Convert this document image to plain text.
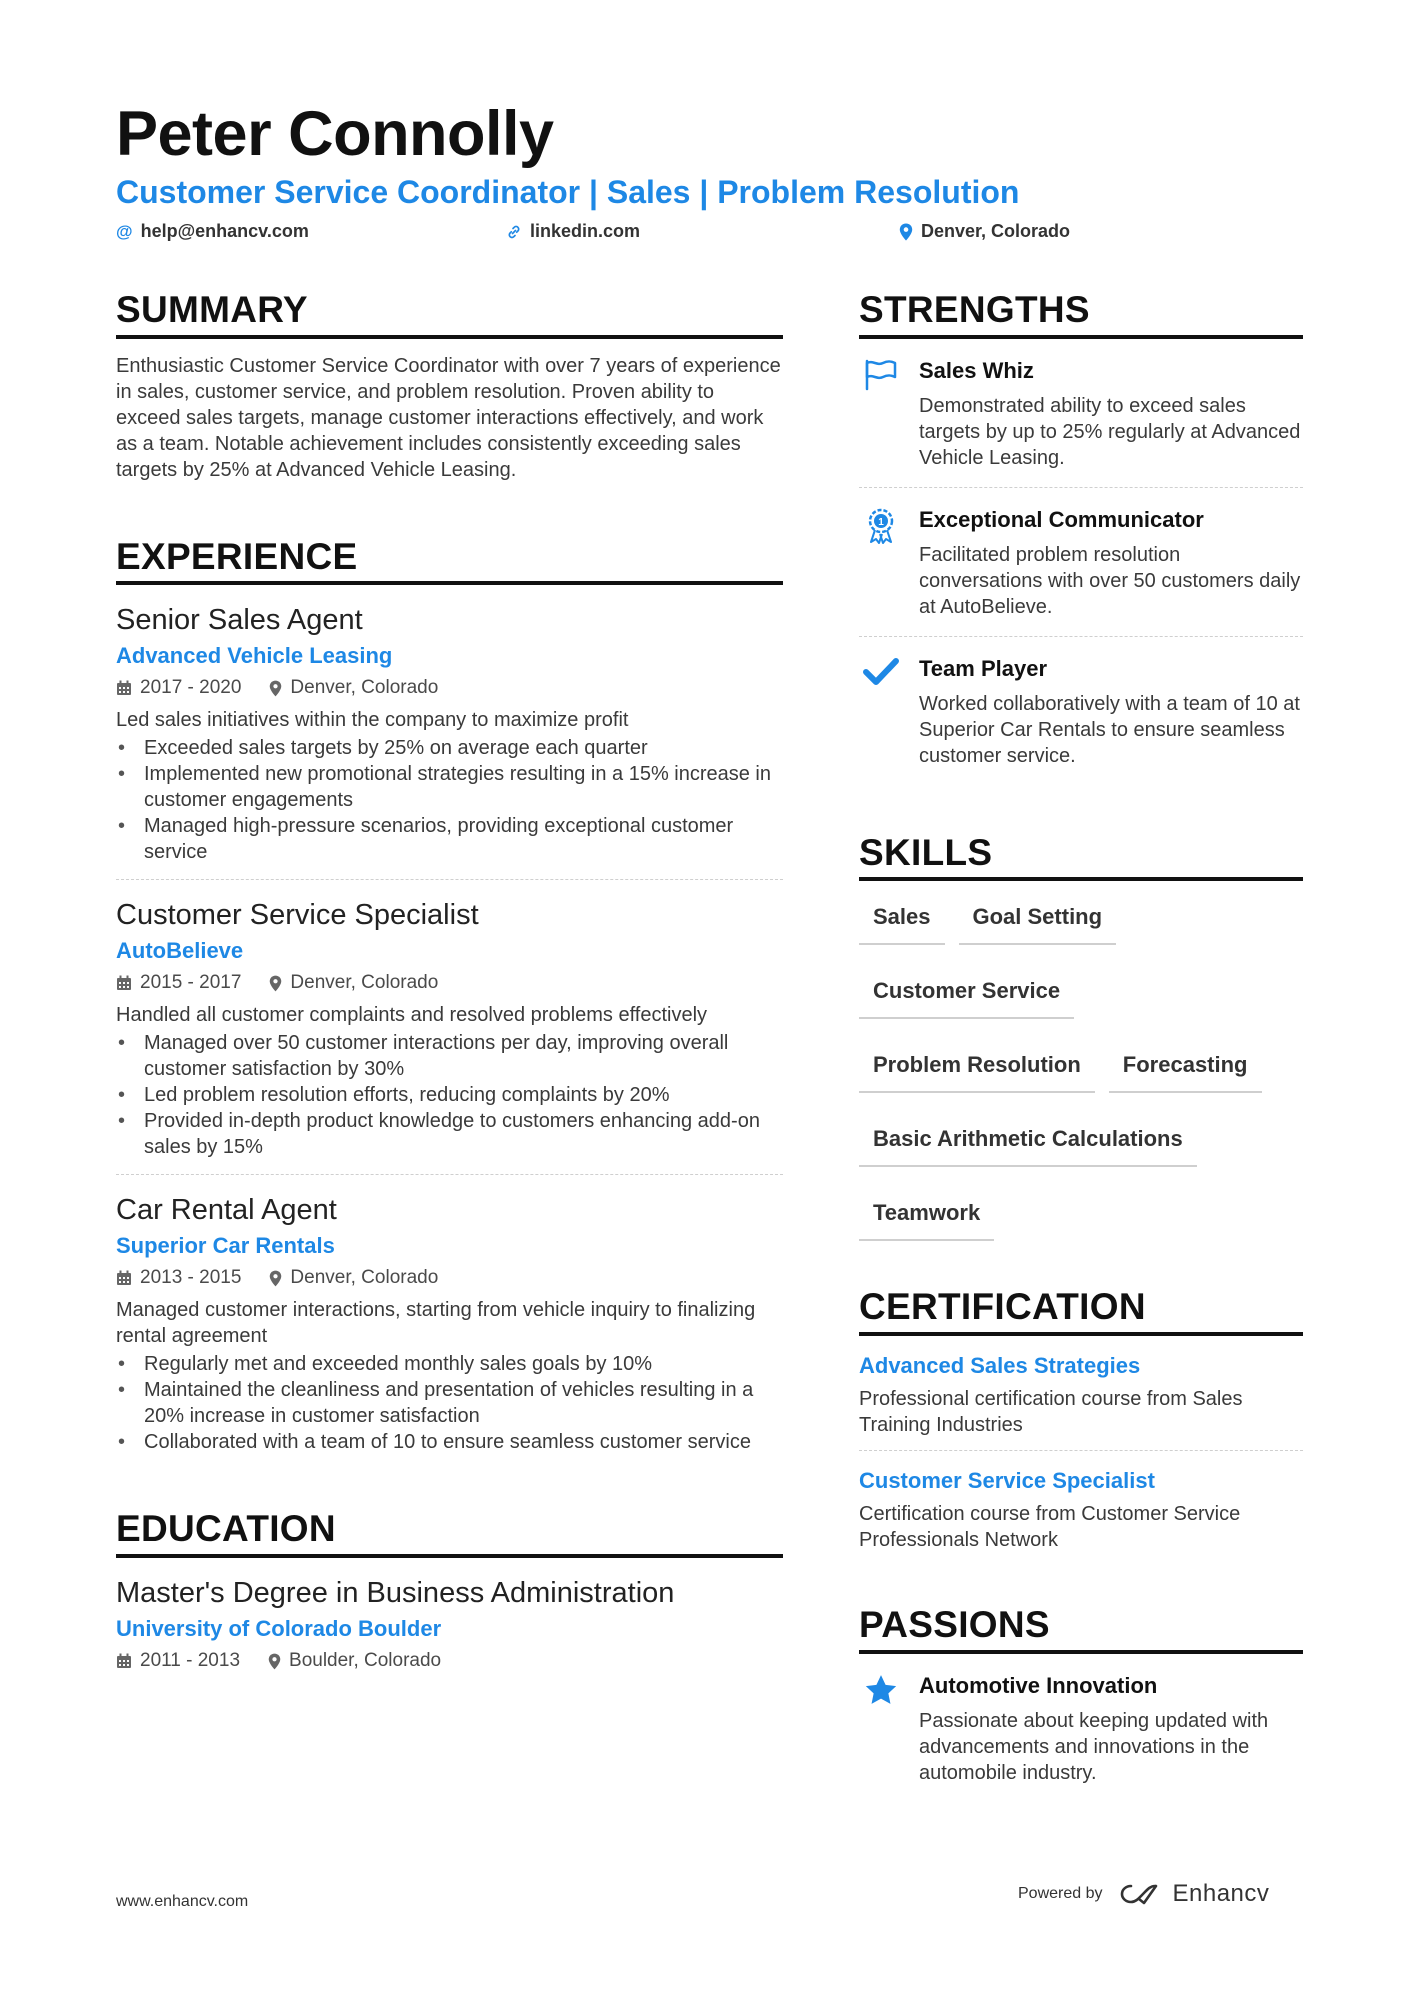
Peter Connolly
Customer Service Coordinator | Sales | Problem Resolution
@ help@enhancv.com	linkedin.com	Denver, Colorado
SUMMARY
Enthusiastic Customer Service Coordinator with over 7 years of experience in sales, customer service, and problem resolution. Proven ability to exceed sales targets, manage customer interactions effectively, and work as a team. Notable achievement includes consistently exceeding sales targets by 25% at Advanced Vehicle Leasing.
EXPERIENCE
Senior Sales Agent
Advanced Vehicle Leasing
2017 - 2020	Denver, Colorado
Led sales initiatives within the company to maximize profit
• Exceeded sales targets by 25% on average each quarter
• Implemented new promotional strategies resulting in a 15% increase in customer engagements
• Managed high-pressure scenarios, providing exceptional customer service
Customer Service Specialist
AutoBelieve
2015 - 2017	Denver, Colorado
Handled all customer complaints and resolved problems effectively
• Managed over 50 customer interactions per day, improving overall customer satisfaction by 30%
• Led problem resolution efforts, reducing complaints by 20%
• Provided in-depth product knowledge to customers enhancing add-on sales by 15%
Car Rental Agent
Superior Car Rentals
2013 - 2015	Denver, Colorado
Managed customer interactions, starting from vehicle inquiry to finalizing rental agreement
• Regularly met and exceeded monthly sales goals by 10%
• Maintained the cleanliness and presentation of vehicles resulting in a 20% increase in customer satisfaction
• Collaborated with a team of 10 to ensure seamless customer service
EDUCATION
Master's Degree in Business Administration
University of Colorado Boulder
2011 - 2013	Boulder, Colorado
STRENGTHS
Sales Whiz
Demonstrated ability to exceed sales targets by up to 25% regularly at Advanced Vehicle Leasing.
1 Exceptional Communicator
Facilitated problem resolution conversations with over 50 customers daily at AutoBelieve.
Team Player
Worked collaboratively with a team of 10 at Superior Car Rentals to ensure seamless customer service.
SKILLS
Sales	Goal Setting
Customer Service
Problem Resolution	Forecasting
Basic Arithmetic Calculations
Teamwork
CERTIFICATION
Advanced Sales Strategies
Professional certification course from Sales Training Industries
Customer Service Specialist
Certification course from Customer Service Professionals Network
PASSIONS
Automotive Innovation
Passionate about keeping updated with advancements and innovations in the automobile industry.
www.enhancv.com	Powered by	Enhancv
